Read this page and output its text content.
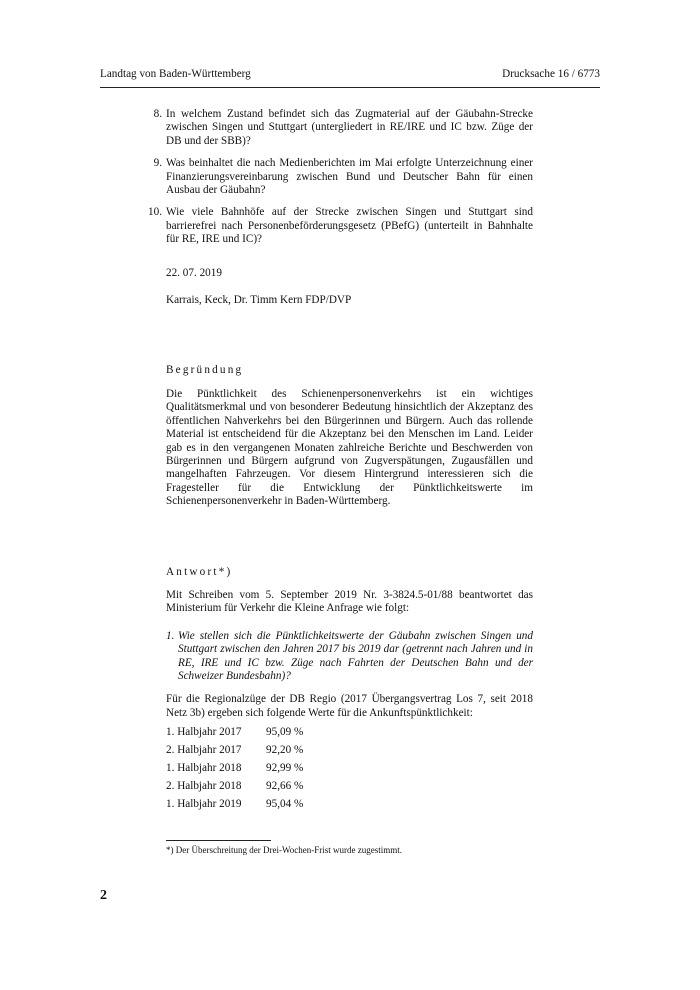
Landtag von Baden-Württemberg	Drucksache 16 / 6773
8. In welchem Zustand befindet sich das Zugmaterial auf der Gäubahn-Strecke zwischen Singen und Stuttgart (untergliedert in RE/IRE und IC bzw. Züge der DB und der SBB)?
9. Was beinhaltet die nach Medienberichten im Mai erfolgte Unterzeichnung einer Finanzierungsvereinbarung zwischen Bund und Deutscher Bahn für einen Ausbau der Gäubahn?
10. Wie viele Bahnhöfe auf der Strecke zwischen Singen und Stuttgart sind barrierefrei nach Personenbeförderungsgesetz (PBefG) (unterteilt in Bahnhalte für RE, IRE und IC)?
22. 07. 2019
Karrais, Keck, Dr. Timm Kern FDP/DVP
Begründung
Die Pünktlichkeit des Schienenpersonenverkehrs ist ein wichtiges Qualitätsmerkmal und von besonderer Bedeutung hinsichtlich der Akzeptanz des öffentlichen Nahverkehrs bei den Bürgerinnen und Bürgern. Auch das rollende Material ist entscheidend für die Akzeptanz bei den Menschen im Land. Leider gab es in den vergangenen Monaten zahlreiche Berichte und Beschwerden von Bürgerinnen und Bürgern aufgrund von Zugverspätungen, Zugausfällen und mangelhaften Fahrzeugen. Vor diesem Hintergrund interessieren sich die Fragesteller für die Entwicklung der Pünktlichkeitswerte im Schienenpersonenverkehr in Baden-Württemberg.
Antwort*)
Mit Schreiben vom 5. September 2019 Nr. 3-3824.5-01/88 beantwortet das Ministerium für Verkehr die Kleine Anfrage wie folgt:
1. Wie stellen sich die Pünktlichkeitswerte der Gäubahn zwischen Singen und Stuttgart zwischen den Jahren 2017 bis 2019 dar (getrennt nach Jahren und in RE, IRE und IC bzw. Züge nach Fahrten der Deutschen Bahn und der Schweizer Bundesbahn)?
Für die Regionalzüge der DB Regio (2017 Übergangsvertrag Los 7, seit 2018 Netz 3b) ergeben sich folgende Werte für die Ankunftspünktlichkeit:
1. Halbjahr 2017	95,09 %
2. Halbjahr 2017	92,20 %
1. Halbjahr 2018	92,99 %
2. Halbjahr 2018	92,66 %
1. Halbjahr 2019	95,04 %
*) Der Überschreitung der Drei-Wochen-Frist wurde zugestimmt.
2
